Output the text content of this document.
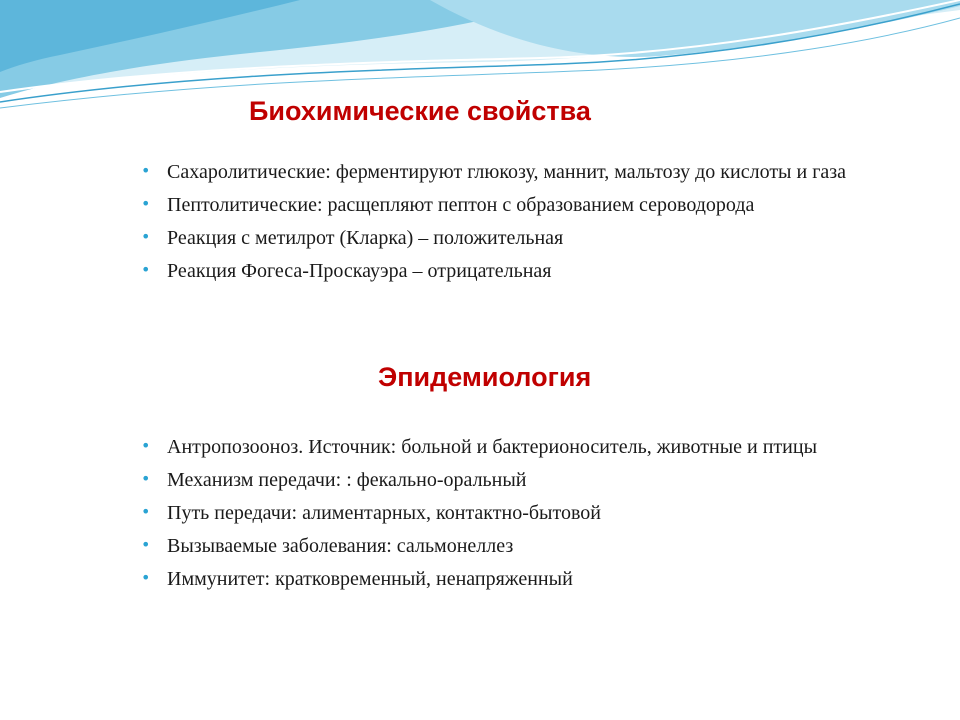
Биохимические свойства
• Сахаролитические: ферментируют глюкозу, маннит, мальтозу до кислоты и газа
• Пептолитические: расщепляют пептон с образованием сероводорода
• Реакция с метилрот (Кларка) – положительная
• Реакция Фогеса-Проскауэра – отрицательная
Эпидемиология
• Антропозооноз. Источник: больной и бактерионоситель, животные и птицы
• Механизм передачи: : фекально-оральный
• Путь передачи: алиментарных, контактно-бытовой
• Вызываемые заболевания: сальмонеллез
• Иммунитет: кратковременный, ненапряженный
